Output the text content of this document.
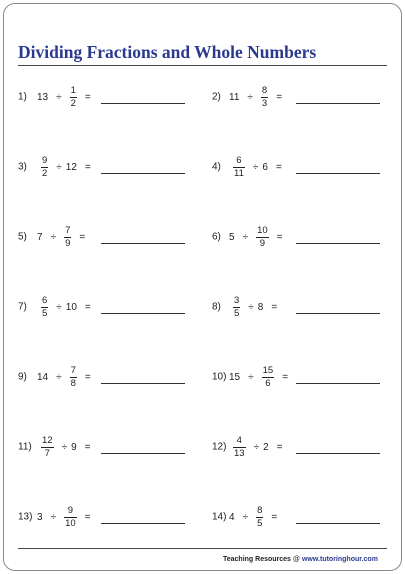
Dividing Fractions and Whole Numbers
1) $13 \div \frac{1}{2}$ =	2) $11 \div \frac{8}{3}$ =
$3) \frac{9}{2} \div 12$ =	$4) \frac{6}{11} \div 6$ =
5) $7 \div \frac{7}{9}$ =	6) $5 \div \frac{10}{9}$ =
$7) \frac{6}{5} \div 10$ =	$8) \frac{3}{5} \div 8$ =
9) $14 \div \frac{7}{8}$ =	10) $15 \div \frac{15}{6}$ =
$11) \frac{12}{7} \div 9$ =	$12) \frac{4}{13} \div 2$ =
13) $3 \div \frac{9}{10}$ =	14) $4 \div \frac{8}{5}$ =
Teaching Resources @ www.tutoringhour.com
